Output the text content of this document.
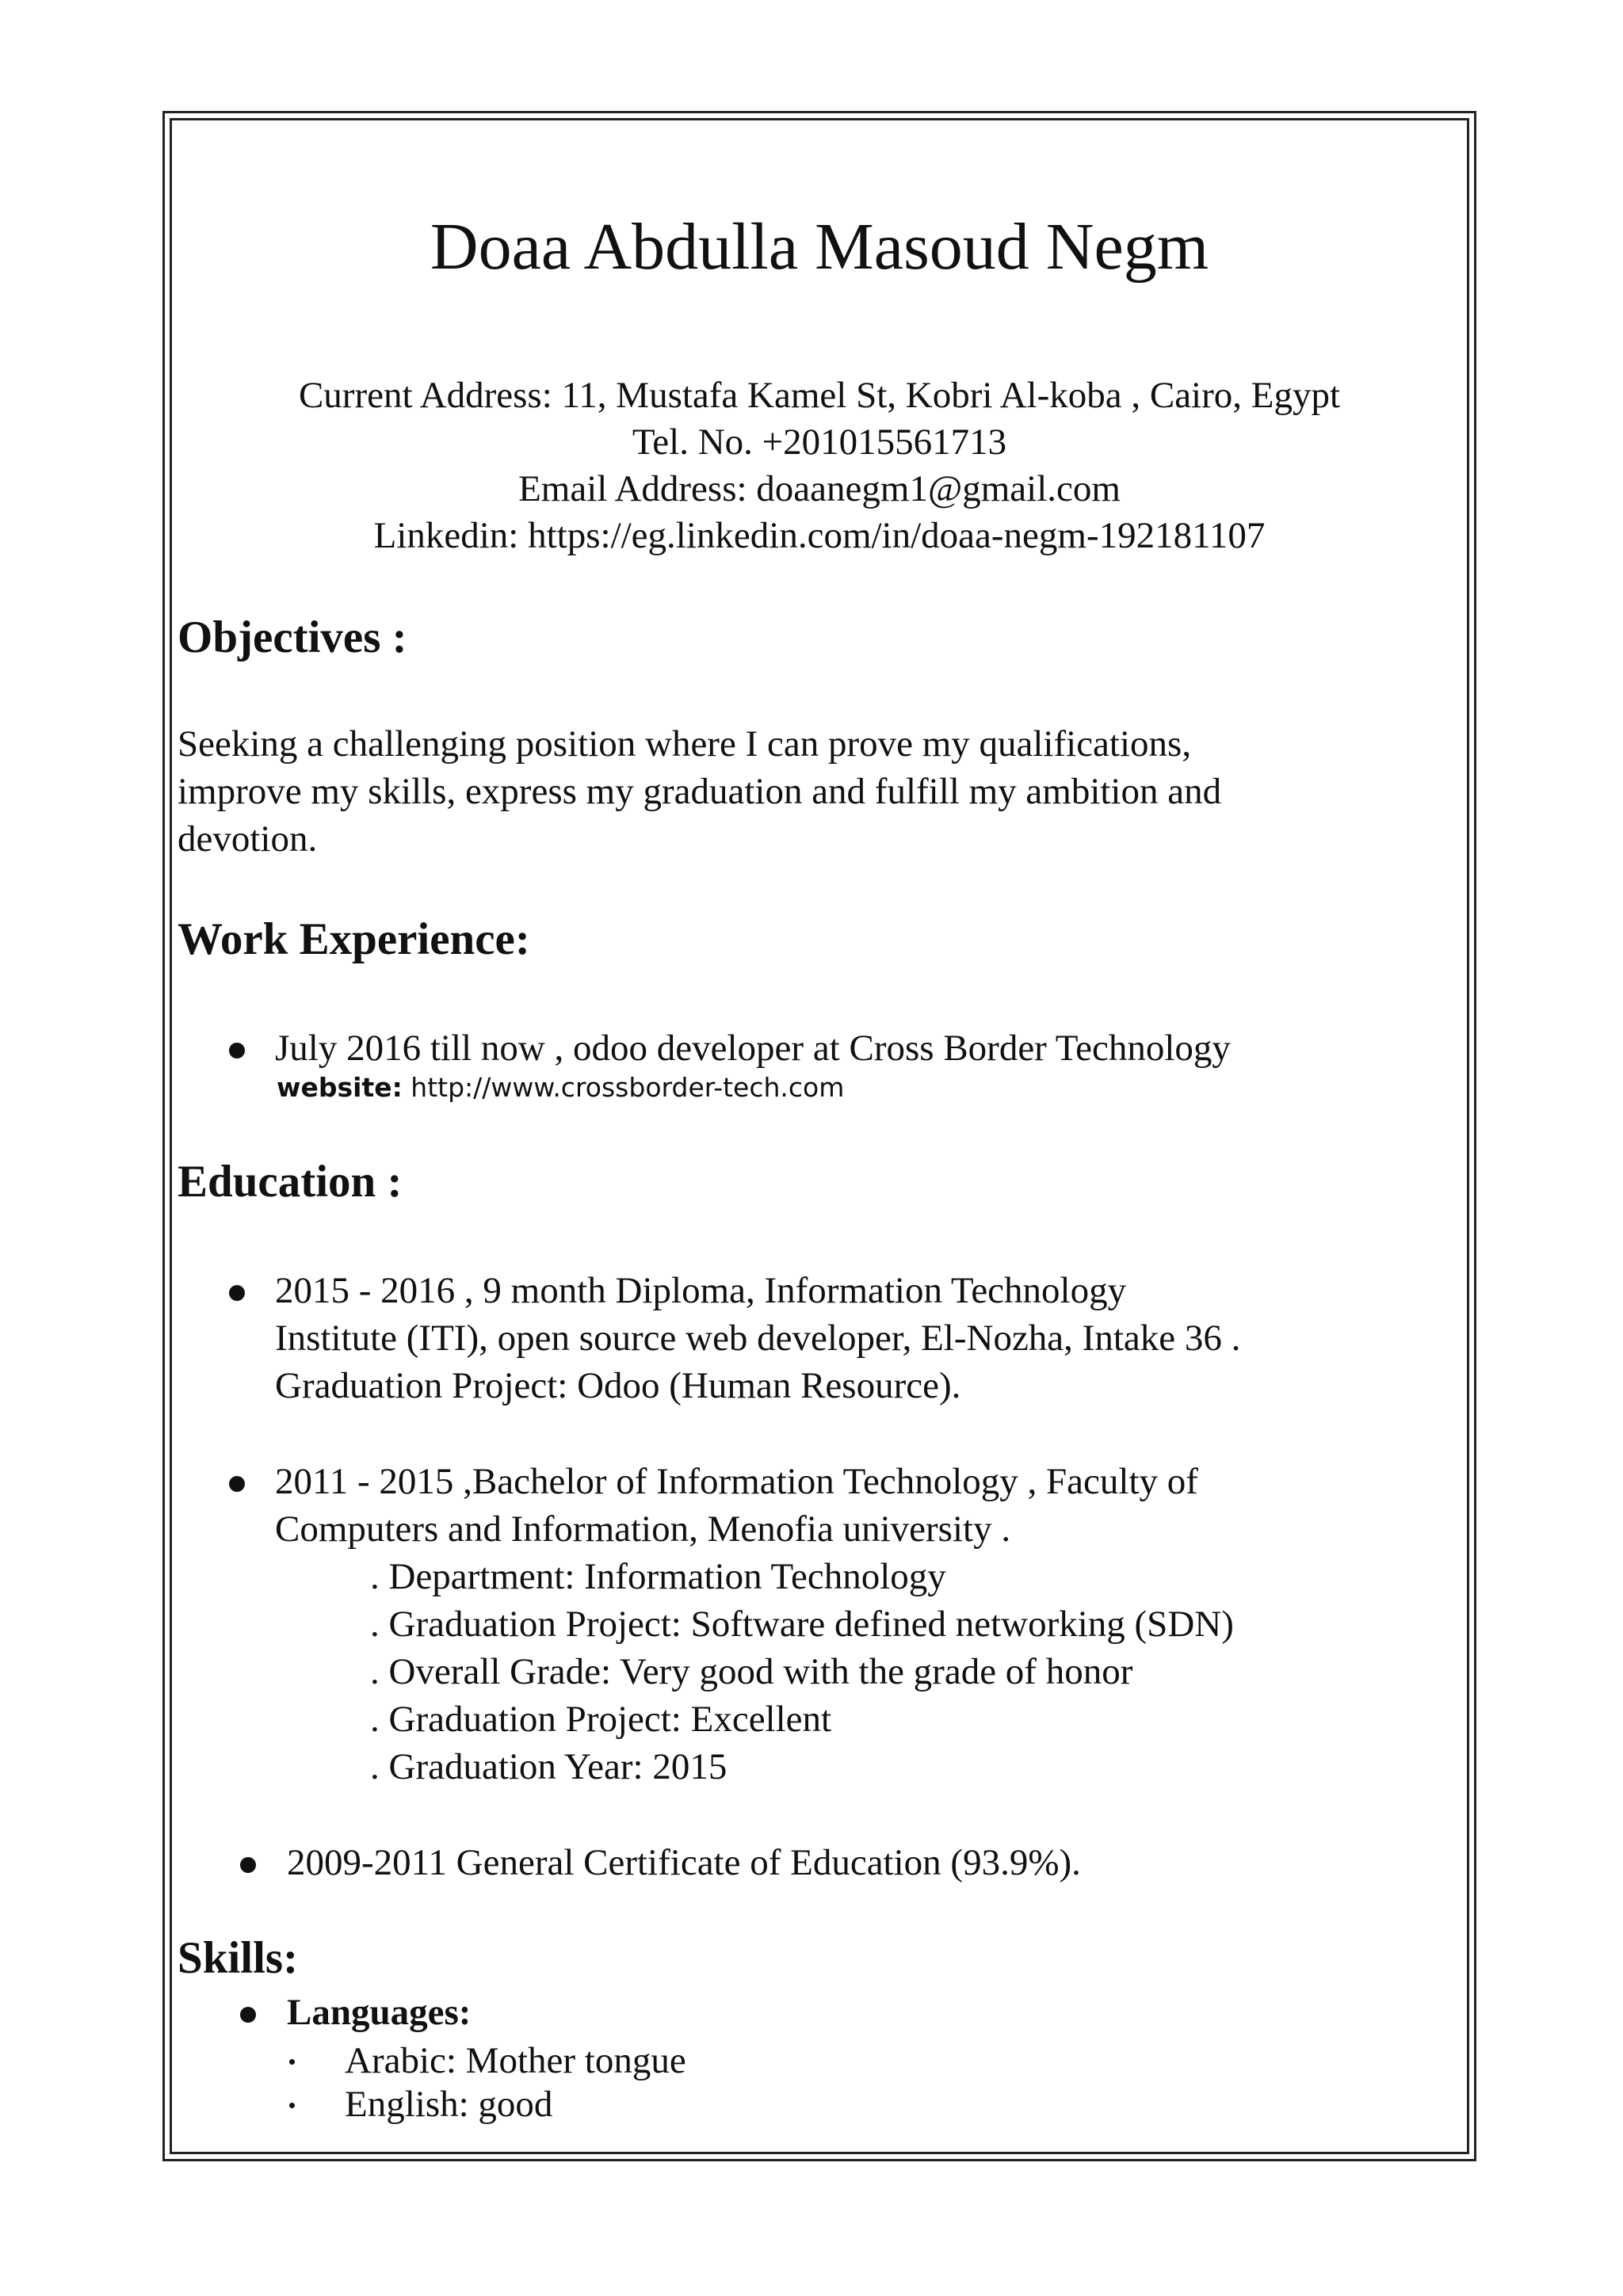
Doaa Abdulla Masoud Negm
Current Address: 11, Mustafa Kamel St, Kobri Al-koba , Cairo, Egypt
Tel. No. +201015561713
Email Address: doaanegm1@gmail.com
Linkedin: https://eg.linkedin.com/in/doaa-negm-192181107
Objectives :
Seeking a challenging position where I can prove my qualifications,
improve my skills, express my graduation and fulfill my ambition and
devotion.
Work Experience:
July 2016 till now , odoo developer at Cross Border Technology
website: http://www.crossborder-tech.com
Education :
2015 - 2016 , 9 month Diploma, Information Technology
Institute (ITI), open source web developer, El-Nozha, Intake 36 .
Graduation Project: Odoo (Human Resource).
2011 - 2015 ,Bachelor of Information Technology , Faculty of
Computers and Information, Menofia university .
. Department: Information Technology
. Graduation Project: Software defined networking (SDN)
. Overall Grade: Very good with the grade of honor
. Graduation Project: Excellent
. Graduation Year: 2015
2009-2011 General Certificate of Education (93.9%).
Skills:
Languages:
Arabic: Mother tongue
English: good
